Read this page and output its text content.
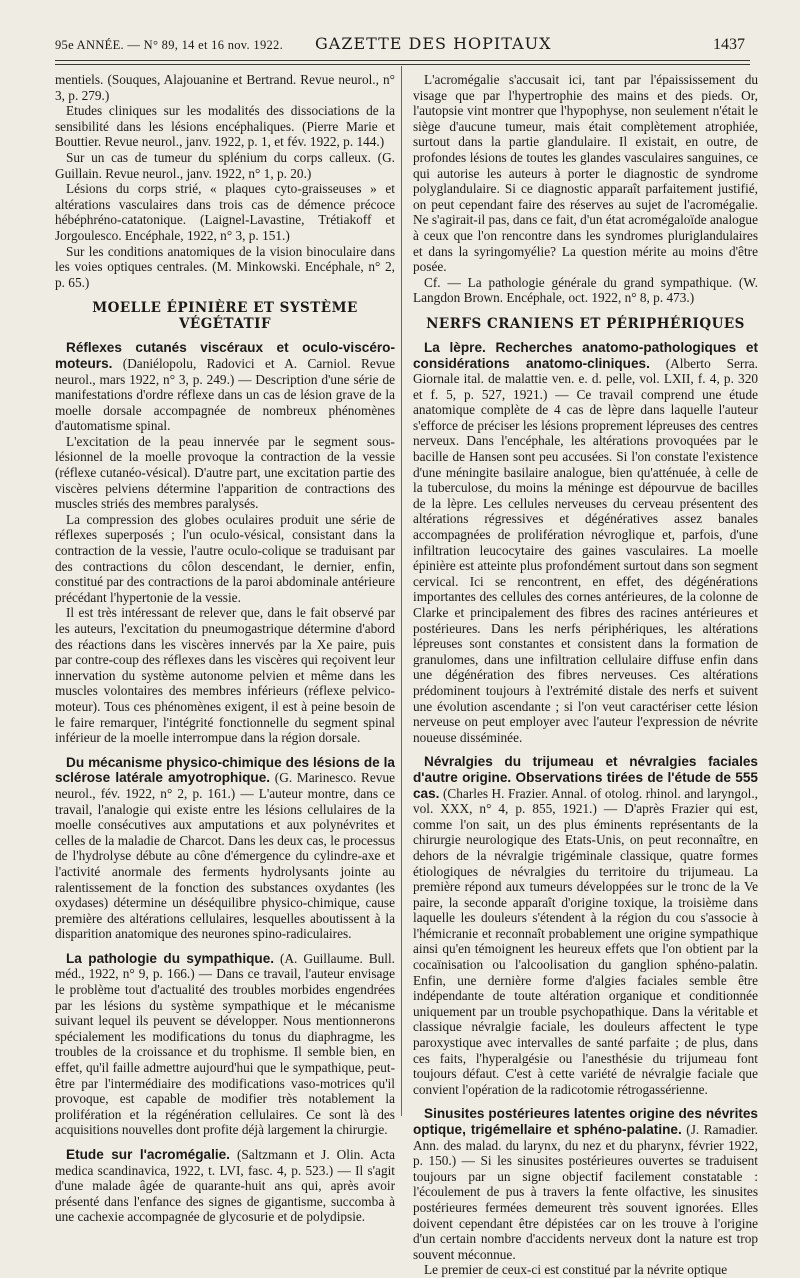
95e ANNÉE. — N° 89, 14 et 16 nov. 1922. GAZETTE DES HOPITAUX	1437

mentiels. (Souques, Alajouanine et Bertrand. Revue neurol., n° 3, p. 279.)

Etudes cliniques sur les modalités des dissociations de la sensibilité dans les lésions encéphaliques. (Pierre Marie et Bouttier. Revue neurol., janv. 1922, p. 1, et fév. 1922, p. 144.)

Sur un cas de tumeur du splénium du corps calleux. (G. Guillain. Revue neurol., janv. 1922, n° 1, p. 20.)

Lésions du corps strié, « plaques cyto-graisseuses » et altérations vasculaires dans trois cas de démence précoce hébéphréno-catatonique. (Laignel-Lavastine, Trétiakoff et Jorgoulesco. Encéphale, 1922, n° 3, p. 151.)

Sur les conditions anatomiques de la vision binoculaire dans les voies optiques centrales. (M. Minkowski. Encéphale, n° 2, p. 65.)

MOELLE ÉPINIÈRE ET SYSTÈME VÉGÉTATIF

Réflexes cutanés viscéraux et oculo-viscéro-moteurs. (Daniélopolu, Radovici et A. Carniol. Revue neurol., mars 1922, n° 3, p. 249.) — Description d'une série de manifestations d'ordre réflexe dans un cas de lésion grave de la moelle dorsale accompagnée de nombreux phénomènes d'automatisme spinal.

L'excitation de la peau innervée par le segment sous-lésionnel de la moelle provoque la contraction de la vessie (réflexe cutanéo-vésical). D'autre part, une excitation partie des viscères pelviens détermine l'apparition de contractions des muscles striés des membres paralysés.

La compression des globes oculaires produit une série de réflexes superposés ; l'un oculo-vésical, consistant dans la contraction de la vessie, l'autre oculo-colique se traduisant par des contractions du côlon descendant, le dernier, enfin, constitué par des contractions de la paroi abdominale antérieure précédant l'hypertonie de la vessie.

Il est très intéressant de relever que, dans le fait observé par les auteurs, l'excitation du pneumogastrique détermine d'abord des réactions dans les viscères innervés par la Xe paire, puis par contre-coup des réflexes dans les viscères qui reçoivent leur innervation du système autonome pelvien et même dans les muscles volontaires des membres inférieurs (réflexe pelvico-moteur). Tous ces phénomènes exigent, il est à peine besoin de le faire remarquer, l'intégrité fonctionnelle du segment spinal inférieur de la moelle interrompue dans la région dorsale.

Du mécanisme physico-chimique des lésions de la sclérose latérale amyotrophique. (G. Marinesco. Revue neurol., fév. 1922, n° 2, p. 161.) — L'auteur montre, dans ce travail, l'analogie qui existe entre les lésions cellulaires de la moelle consécutives aux amputations et aux polynévrites et celles de la maladie de Charcot. Dans les deux cas, le processus de l'hydrolyse débute au cône d'émergence du cylindre-axe et l'activité anormale des ferments hydrolysants jointe au ralentissement de la fonction des substances oxydantes (les oxydases) détermine un déséquilibre physico-chimique, cause première des altérations cellulaires, lesquelles aboutissent à la disparition anatomique des neurones spino-radiculaires.

La pathologie du sympathique. (A. Guillaume. Bull. méd., 1922, n° 9, p. 166.) — Dans ce travail, l'auteur envisage le problème tout d'actualité des troubles morbides engendrées par les lésions du système sympathique et le mécanisme suivant lequel ils peuvent se développer. Nous mentionnerons spécialement les modifications du tonus du diaphragme, les troubles de la croissance et du trophisme. Il semble bien, en effet, qu'il faille admettre aujourd'hui que le sympathique, peut-être par l'intermédiaire des modifications vaso-motrices qu'il provoque, est capable de modifier très notablement la prolifération et la régénération cellulaires. Ce sont là des acquisitions nouvelles dont profite déjà largement la chirurgie.

Etude sur l'acromégalie. (Saltzmann et J. Olin. Acta medica scandinavica, 1922, t. LVI, fasc. 4, p. 523.) — Il s'agit d'une malade âgée de quarante-huit ans qui, après avoir présenté dans l'enfance des signes de gigantisme, succomba à une cachexie accompagnée de glycosurie et de polydipsie.

L'acromégalie s'accusait ici, tant par l'épaississement du visage que par l'hypertrophie des mains et des pieds. Or, l'autopsie vint montrer que l'hypophyse, non seulement n'était le siège d'aucune tumeur, mais était complètement atrophiée, surtout dans la partie glandulaire. Il existait, en outre, de profondes lésions de toutes les glandes vasculaires sanguines, ce qui autorise les auteurs à porter le diagnostic de syndrome polyglandulaire. Si ce diagnostic apparaît parfaitement justifié, on peut cependant faire des réserves au sujet de l'acromégalie. Ne s'agirait-il pas, dans ce fait, d'un état acromégaloïde analogue à ceux que l'on rencontre dans les syndromes pluriglandulaires et dans la syringomyélie? La question mérite au moins d'être posée.

Cf. — La pathologie générale du grand sympathique. (W. Langdon Brown. Encéphale, oct. 1922, n° 8, p. 473.)

NERFS CRANIENS ET PÉRIPHÉRIQUES

La lèpre. Recherches anatomo-pathologiques et considérations anatomo-cliniques. (Alberto Serra. Giornale ital. de malattie ven. e. d. pelle, vol. LXII, f. 4, p. 320 et f. 5, p. 527, 1921.) — Ce travail comprend une étude anatomique complète de 4 cas de lèpre dans laquelle l'auteur s'efforce de préciser les lésions proprement lépreuses des centres nerveux. Dans l'encéphale, les altérations provoquées par le bacille de Hansen sont peu accusées. Si l'on constate l'existence d'une méningite basilaire analogue, bien qu'atténuée, à celle de la tuberculose, du moins la méninge est dépourvue de bacilles de la lèpre. Les cellules nerveuses du cerveau présentent des altérations régressives et dégénératives assez banales accompagnées de prolifération névroglique et, parfois, d'une infiltration leucocytaire des gaines vasculaires. La moelle épinière est atteinte plus profondément surtout dans son segment cervical. Ici se rencontrent, en effet, des dégénérations importantes des cellules des cornes antérieures, de la colonne de Clarke et principalement des fibres des racines antérieures et postérieures. Dans les nerfs périphériques, les altérations lépreuses sont constantes et consistent dans la formation de granulomes, dans une infiltration cellulaire diffuse enfin dans une dégénération des fibres nerveuses. Ces altérations prédominent toujours à l'extrémité distale des nerfs et suivent une évolution ascendante ; si l'on veut caractériser cette lésion nerveuse on peut employer avec l'auteur l'expression de névrite noueuse disséminée.

Névralgies du trijumeau et névralgies faciales d'autre origine. Observations tirées de l'étude de 555 cas. (Charles H. Frazier. Annal. of otolog. rhinol. and laryngol., vol. XXX, n° 4, p. 855, 1921.) — D'après Frazier qui est, comme l'on sait, un des plus éminents représentants de la chirurgie neurologique des Etats-Unis, on peut reconnaître, en dehors de la névralgie trigéminale classique, quatre formes étiologiques de névralgies du territoire du trijumeau. La première répond aux tumeurs développées sur le tronc de la Ve paire, la seconde apparaît d'origine toxique, la troisième dans laquelle les douleurs s'étendent à la région du cou s'associe à l'hémicranie et reconnaît probablement une origine sympathique ainsi qu'en témoignent les heureux effets que l'on obtient par la cocaïnisation ou l'alcoolisation du ganglion sphéno-palatin. Enfin, une dernière forme d'algies faciales semble être indépendante de toute altération organique et conditionnée uniquement par un trouble psychopathique. Dans la véritable et classique névralgie faciale, les douleurs affectent le type paroxystique avec intervalles de santé parfaite ; de plus, dans ces faits, l'hyperalgésie ou l'anesthésie du trijumeau font toujours défaut. C'est à cette variété de névralgie faciale que convient l'opération de la radicotomie rétrogassérienne.

Sinusites postérieures latentes origine des névrites optique, trigémellaire et sphéno-palatine. (J. Ramadier. Ann. des malad. du larynx, du nez et du pharynx, février 1922, p. 150.) — Si les sinusites postérieures ouvertes se traduisent toujours par un signe objectif facilement constatable : l'écoulement de pus à travers la fente olfactive, les sinusites postérieures fermées demeurent très souvent ignorées. Elles doivent cependant être dépistées car on les trouve à l'origine d'un certain nombre d'accidents nerveux dont la nature est trop souvent méconnue.

Le premier de ceux-ci est constitué par la névrite optique
